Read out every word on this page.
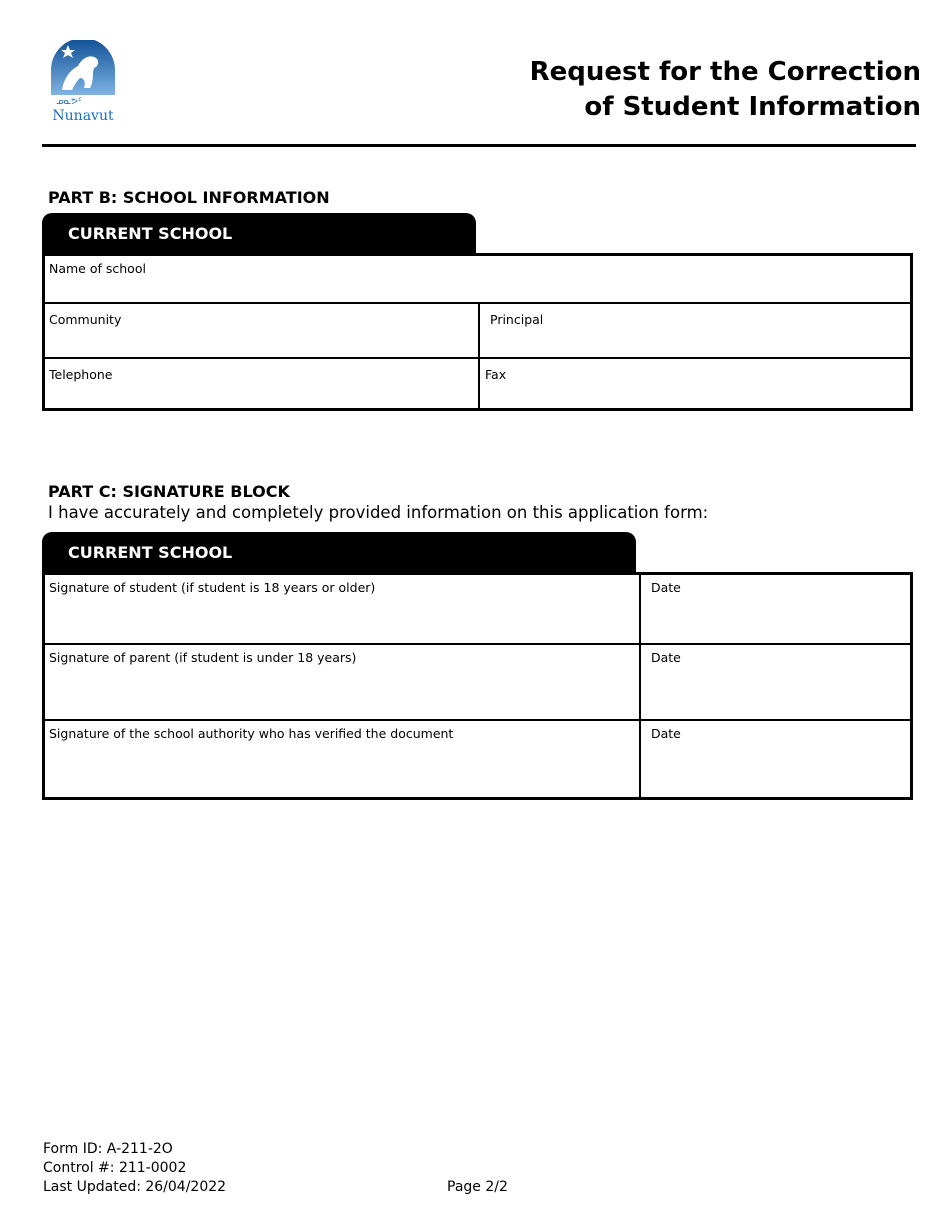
ᓄᓇᕗᑦ
Nunavut
Request for the Correction
of Student Information
PART B: SCHOOL INFORMATION
CURRENT SCHOOL
Name of school
Community	Principal
Telephone	Fax
PART C: SIGNATURE BLOCK
I have accurately and completely provided information on this application form:
CURRENT SCHOOL
Signature of student (if student is 18 years or older)	Date
Signature of parent (if student is under 18 years)	Date
Signature of the school authority who has verified the document	Date
Form ID: A-211-2O
Control #: 211-0002
Last Updated: 26/04/2022	Page 2/2
